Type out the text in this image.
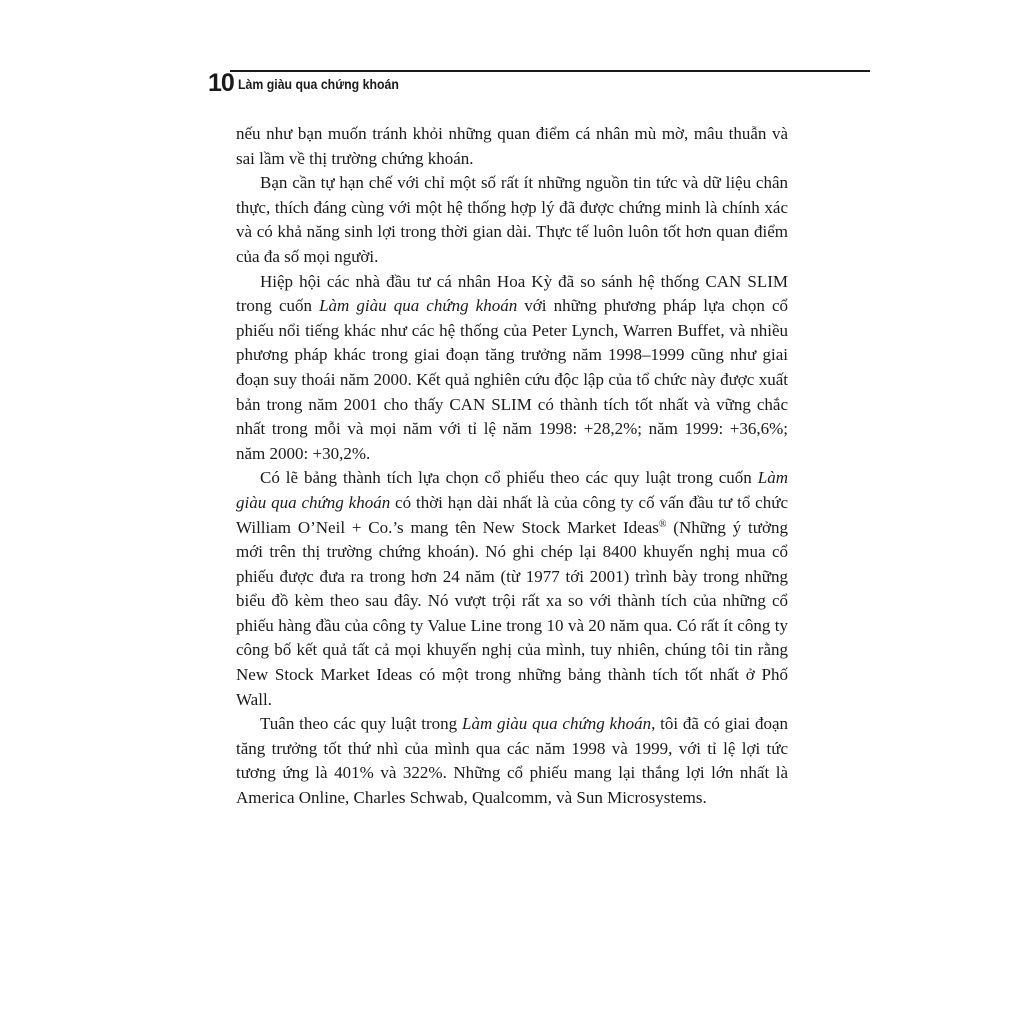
10 Làm giàu qua chứng khoán

nếu như bạn muốn tránh khỏi những quan điểm cá nhân mù mờ, mâu thuẫn và sai lầm về thị trường chứng khoán.

Bạn cần tự hạn chế với chỉ một số rất ít những nguồn tin tức và dữ liệu chân thực, thích đáng cùng với một hệ thống hợp lý đã được chứng minh là chính xác và có khả năng sinh lợi trong thời gian dài. Thực tế luôn luôn tốt hơn quan điểm của đa số mọi người.

Hiệp hội các nhà đầu tư cá nhân Hoa Kỳ đã so sánh hệ thống CAN SLIM trong cuốn Làm giàu qua chứng khoán với những phương pháp lựa chọn cổ phiếu nổi tiếng khác như các hệ thống của Peter Lynch, Warren Buffet, và nhiều phương pháp khác trong giai đoạn tăng trưởng năm 1998–1999 cũng như giai đoạn suy thoái năm 2000. Kết quả nghiên cứu độc lập của tổ chức này được xuất bản trong năm 2001 cho thấy CAN SLIM có thành tích tốt nhất và vững chắc nhất trong mỗi và mọi năm với tỉ lệ năm 1998: +28,2%; năm 1999: +36,6%; năm 2000: +30,2%.

Có lẽ bảng thành tích lựa chọn cổ phiếu theo các quy luật trong cuốn Làm giàu qua chứng khoán có thời hạn dài nhất là của công ty cố vấn đầu tư tổ chức William O’Neil + Co.’s mang tên New Stock Market Ideas® (Những ý tưởng mới trên thị trường chứng khoán). Nó ghi chép lại 8400 khuyến nghị mua cổ phiếu được đưa ra trong hơn 24 năm (từ 1977 tới 2001) trình bày trong những biểu đồ kèm theo sau đây. Nó vượt trội rất xa so với thành tích của những cổ phiếu hàng đầu của công ty Value Line trong 10 và 20 năm qua. Có rất ít công ty công bố kết quả tất cả mọi khuyến nghị của mình, tuy nhiên, chúng tôi tin rằng New Stock Market Ideas có một trong những bảng thành tích tốt nhất ở Phố Wall.

Tuân theo các quy luật trong Làm giàu qua chứng khoán, tôi đã có giai đoạn tăng trưởng tốt thứ nhì của mình qua các năm 1998 và 1999, với tỉ lệ lợi tức tương ứng là 401% và 322%. Những cổ phiếu mang lại thắng lợi lớn nhất là America Online, Charles Schwab, Qualcomm, và Sun Microsystems.
